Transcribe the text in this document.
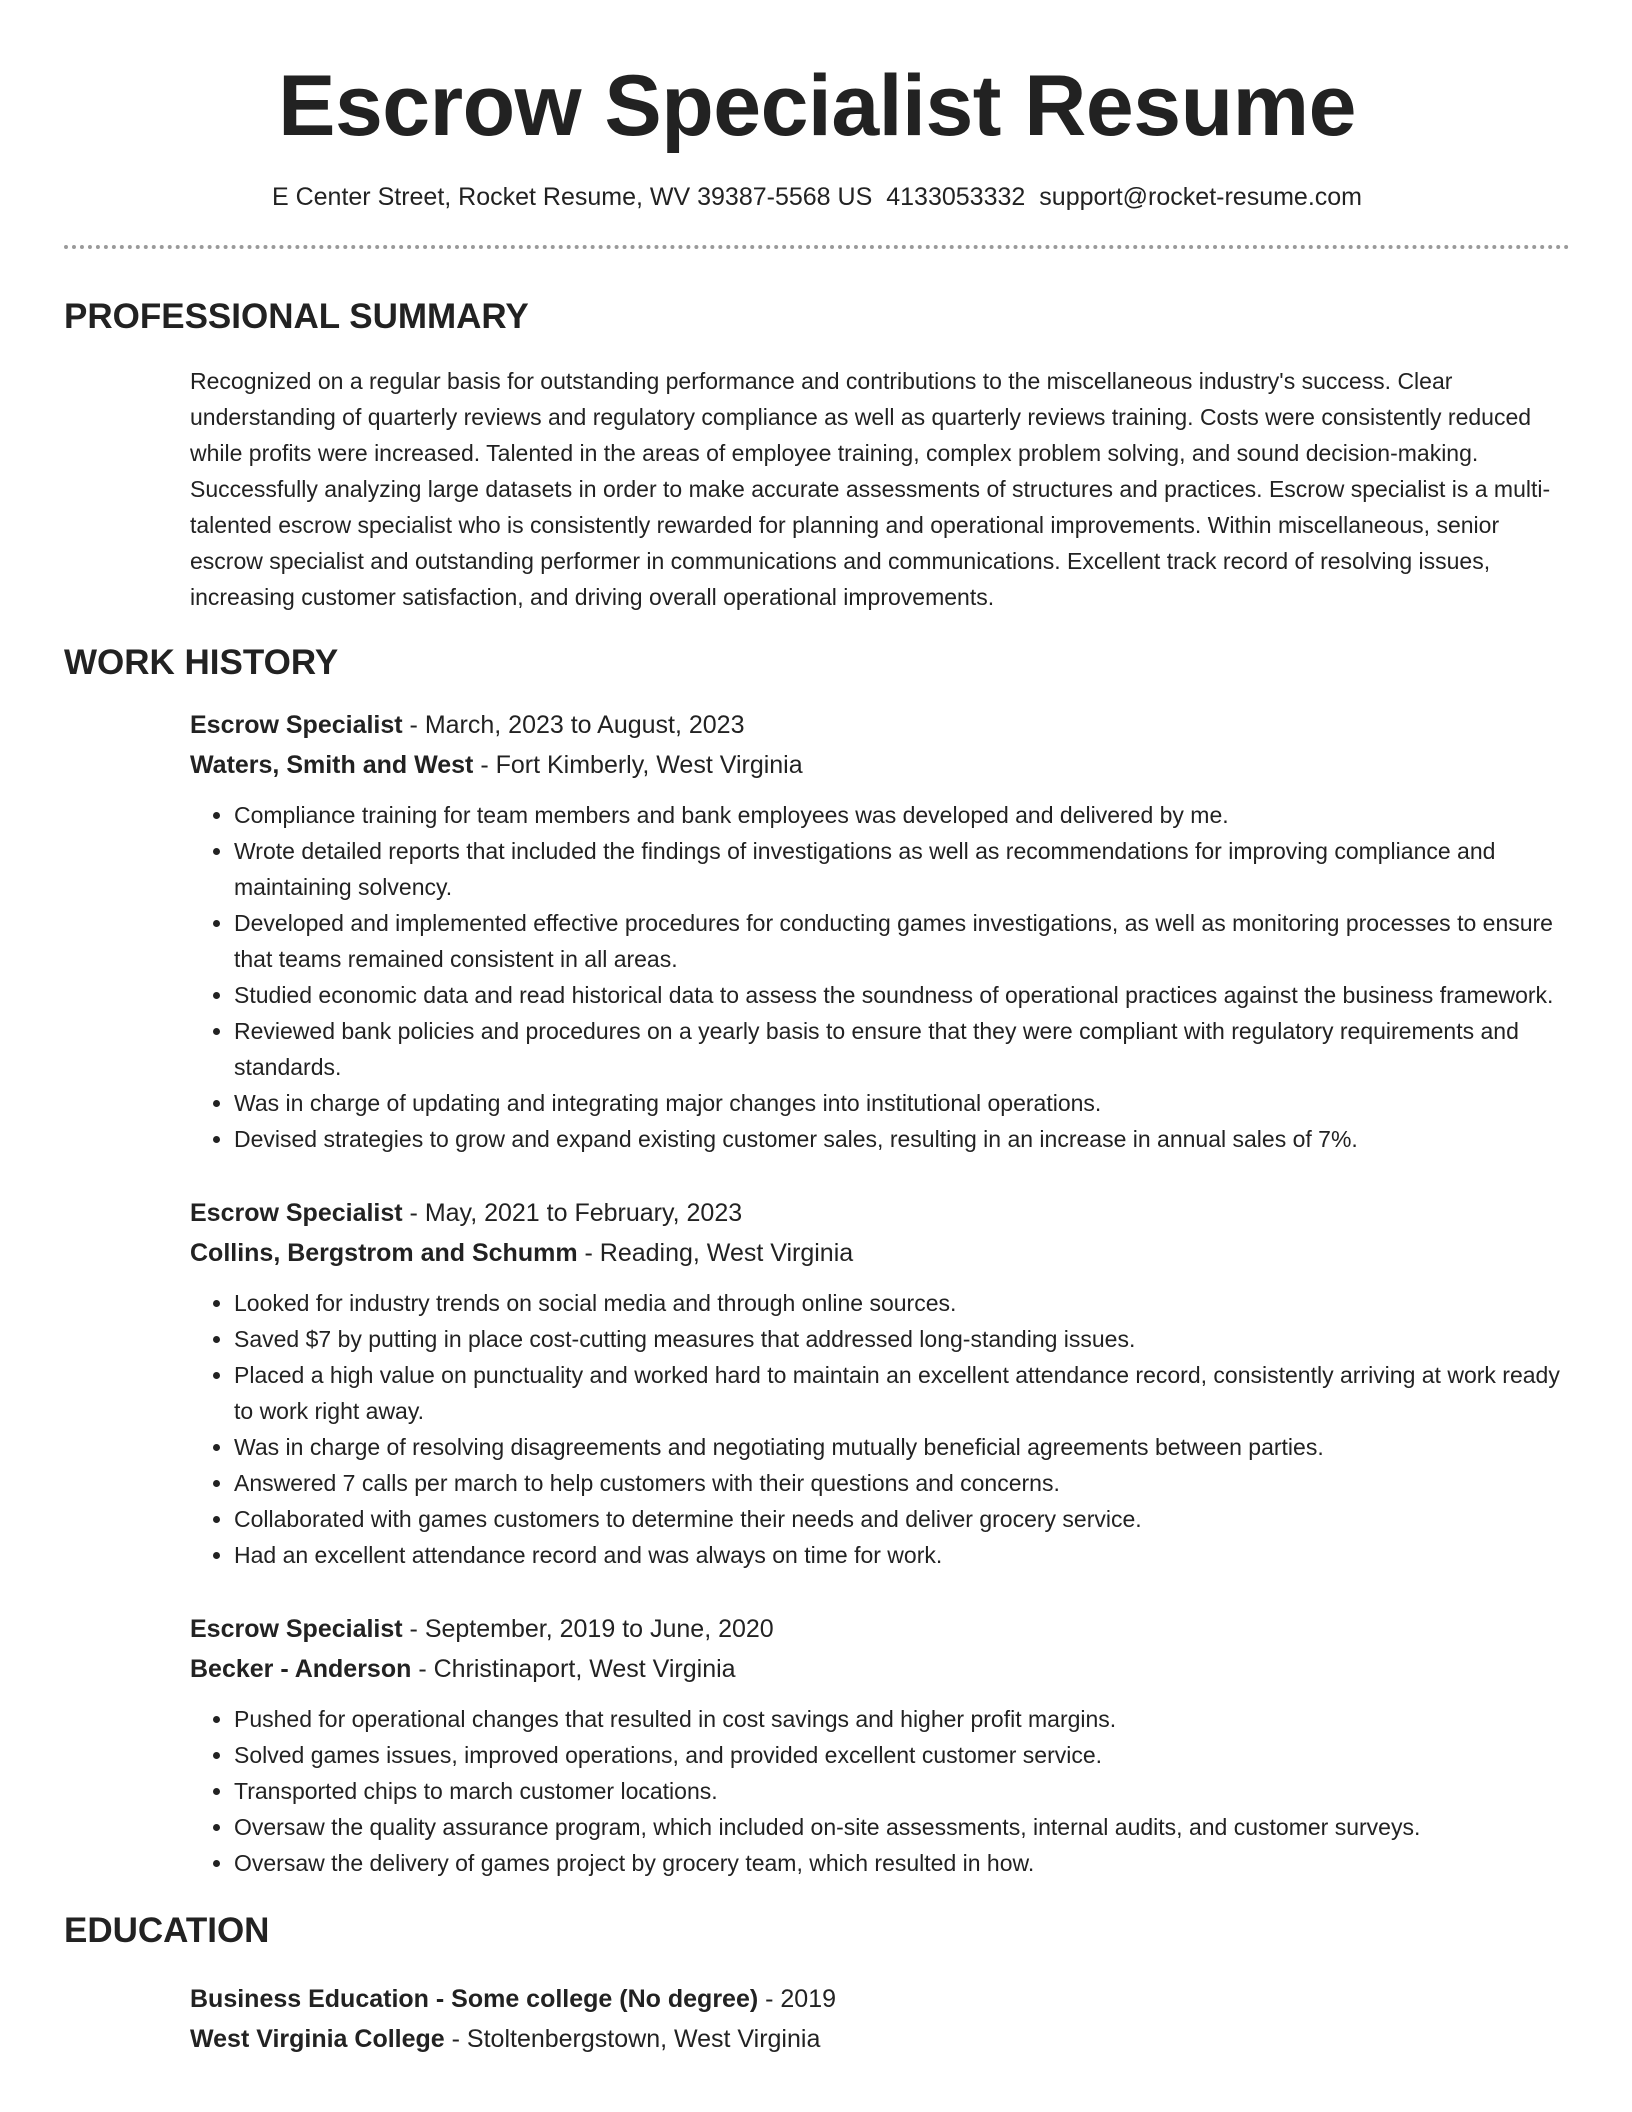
Escrow Specialist Resume
E Center Street, Rocket Resume, WV 39387-5568 US 4133053332 support@rocket-resume.com
PROFESSIONAL SUMMARY

Recognized on a regular basis for outstanding performance and contributions to the miscellaneous industry's success. Clear understanding of quarterly reviews and regulatory compliance as well as quarterly reviews training. Costs were consistently reduced while profits were increased. Talented in the areas of employee training, complex problem solving, and sound decision-making. Successfully analyzing large datasets in order to make accurate assessments of structures and practices. Escrow specialist is a multi-talented escrow specialist who is consistently rewarded for planning and operational improvements. Within miscellaneous, senior escrow specialist and outstanding performer in communications and communications. Excellent track record of resolving issues, increasing customer satisfaction, and driving overall operational improvements.

WORK HISTORY
Escrow Specialist - March, 2023 to August, 2023
Waters, Smith and West - Fort Kimberly, West Virginia
• Compliance training for team members and bank employees was developed and delivered by me.
• Wrote detailed reports that included the findings of investigations as well as recommendations for improving compliance and maintaining solvency.
• Developed and implemented effective procedures for conducting games investigations, as well as monitoring processes to ensure that teams remained consistent in all areas.
• Studied economic data and read historical data to assess the soundness of operational practices against the business framework.
• Reviewed bank policies and procedures on a yearly basis to ensure that they were compliant with regulatory requirements and standards.
• Was in charge of updating and integrating major changes into institutional operations.
• Devised strategies to grow and expand existing customer sales, resulting in an increase in annual sales of 7%.
Escrow Specialist - May, 2021 to February, 2023
Collins, Bergstrom and Schumm - Reading, West Virginia
• Looked for industry trends on social media and through online sources.
• Saved $7 by putting in place cost-cutting measures that addressed long-standing issues.
• Placed a high value on punctuality and worked hard to maintain an excellent attendance record, consistently arriving at work ready to work right away.
• Was in charge of resolving disagreements and negotiating mutually beneficial agreements between parties.
• Answered 7 calls per march to help customers with their questions and concerns.
• Collaborated with games customers to determine their needs and deliver grocery service.
• Had an excellent attendance record and was always on time for work.
Escrow Specialist - September, 2019 to June, 2020
Becker - Anderson - Christinaport, West Virginia
• Pushed for operational changes that resulted in cost savings and higher profit margins.
• Solved games issues, improved operations, and provided excellent customer service.
• Transported chips to march customer locations.
• Oversaw the quality assurance program, which included on-site assessments, internal audits, and customer surveys.
• Oversaw the delivery of games project by grocery team, which resulted in how.
EDUCATION
Business Education - Some college (No degree) - 2019
West Virginia College - Stoltenbergstown, West Virginia
